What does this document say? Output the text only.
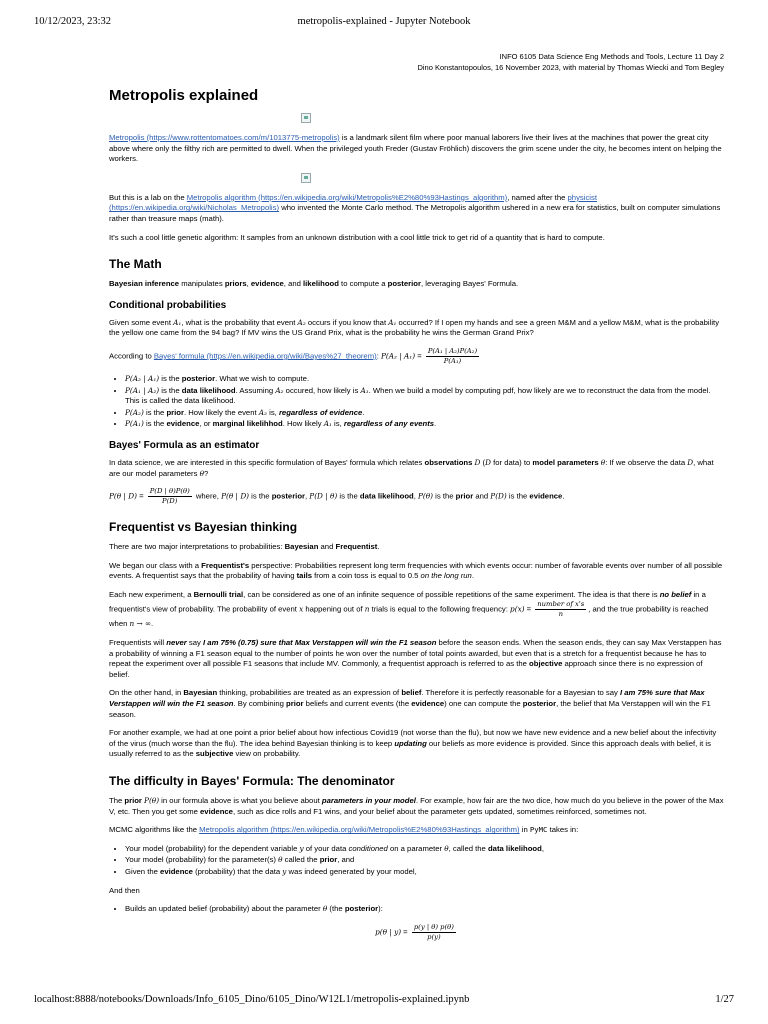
10/12/2023, 23:32	metropolis-explained - Jupyter Notebook
INFO 6105 Data Science Eng Methods and Tools, Lecture 11 Day 2
Dino Konstantopoulos, 16 November 2023, with material by Thomas Wiecki and Tom Begley
Metropolis explained

Metropolis (https://www.rottentomatoes.com/m/1013775-metropolis) is a landmark silent film where poor manual laborers live their lives at the machines that power the great city above where only the filthy rich are permitted to dwell. When the privileged youth Freder (Gustav Fröhlich) discovers the grim scene under the city, he becomes intent on helping the workers.

But this is a lab on the Metropolis algorithm (https://en.wikipedia.org/wiki/Metropolis%E2%80%93Hastings_algorithm), named after the physicist (https://en.wikipedia.org/wiki/Nicholas_Metropolis) who invented the Monte Carlo method. The Metropolis algorithm ushered in a new era for statistics, built on computer simulations rather than treasure maps (math).

It's such a cool little genetic algorithm: It samples from an unknown distribution with a cool little trick to get rid of a quantity that is hard to compute.

The Math

Bayesian inference manipulates priors, evidence, and likelihood to compute a posterior, leveraging Bayes' Formula.

Conditional probabilities

Given some event A₁, what is the probability that event A₂ occurs if you know that A₁ occurred? If I open my hands and see a green M&M and a yellow M&M, what is the probability the yellow one came from the 94 bag? If MV wins the US Grand Prix, what is the probability he wins the German Grand Prix?

According to Bayes' formula (https://en.wikipedia.org/wiki/Bayes%27_theorem): P(A₂ | $A_1) = \frac{\text{P(A₁ | A₂)P(A₂)}}{\text{P(A₁)}}$

• P(A₂ | A₁) is the posterior. What we wish to compute.
• P(A₁ | A₂) is the data likelihood. Assuming A₂ occured, how likely is A₁. When we build a model by computing pdf, how likely are we to reconstruct the data from the model. This is called the data likelihood.
• P(A₂) is the prior. How likely the event A₂ is, regardless of evidence.
• P(A₁) is the evidence, or marginal likelihhod. How likely A₁ is, regardless of any events.
Bayes' Formula as an estimator

In data science, we are interested in this specific formulation of Bayes' formula which relates observations D (D for data) to model parameters θ: If we observe the data D, what are our model parameters θ?

P(θ | $D) = \frac{P(D | \theta)P(\theta)}{P(D)}$ where, P(θ | D) is the posterior, P(D | θ) is the data likelihood, P(θ) is the prior and P(D) is the evidence.

Frequentist vs Bayesian thinking

There are two major interpretations to probabilities: Bayesian and Frequentist.

We began our class with a Frequentist's perspective: Probabilities represent long term frequencies with which events occur: number of favorable events over number of all possible events. A frequentist says that the probability of having tails from a coin toss is equal to 0.5 on the long run.

Each new experiment, a Bernoulli trial, can be considered as one of an infinite sequence of possible repetitions of the same experiment. The idea is that there is no belief in a frequentist's view of probability. The probability of event x happening out of n trials is equal to the following frequency: $p(x) = \frac{\text{number of x's}}{n}$ , and the true probability is reached when n → ∞.

Frequentists will never say I am 75% (0.75) sure that Max Verstappen will win the F1 season before the season ends. When the season ends, they can say Max Verstappen has a probability of winning a F1 season equal to the number of points he won over the number of total points awarded, but even that is a stretch for a frequentist because he has to repeat the experiment over all possible F1 seasons that include MV. Commonly, a frequentist approach is referred to as the objective approach since there is no expression of belief.

On the other hand, in Bayesian thinking, probabilities are treated as an expression of belief. Therefore it is perfectly reasonable for a Bayesian to say I am 75% sure that Max Verstappen will win the F1 season. By combining prior beliefs and current events (the evidence) one can compute the posterior, the belief that Ma Verstappen will win the F1 season.

For another example, we had at one point a prior belief about how infectious Covid19 (not worse than the flu), but now we have new evidence and a new belief about the infectivity of the virus (much worse than the flu). The idea behind Bayesian thinking is to keep updating our beliefs as more evidence is provided. Since this approach deals with belief, it is usually referred to as the subjective view on probability.

The difficulty in Bayes' Formula: The denominator

The prior P(θ) in our formula above is what you believe about parameters in your model. For example, how fair are the two dice, how much do you believe in the power of the Max V, etc. Then you get some evidence, such as dice rolls and F1 wins, and your belief about the parameter gets updated, sometimes reinforced, sometimes not.

MCMC algorithms like the Metropolis algorithm (https://en.wikipedia.org/wiki/Metropolis%E2%80%93Hastings_algorithm) in PyMC takes in:

• Your model (probability) for the dependent variable y of your data conditioned on a parameter θ, called the data likelihood,
• Your model (probability) for the parameter(s) θ called the prior, and
• Given the evidence (probability) that the data y was indeed generated by your model,

And then

• Builds an updated belief (probability) about the parameter θ (the posterior):
p(θ | $y) = \frac{p(y | \theta) p(\theta)}{p(y)}$
localhost:8888/notebooks/Downloads/Info_6105_Dino/6105_Dino/W12L1/metropolis-explained.ipynb	1/27
